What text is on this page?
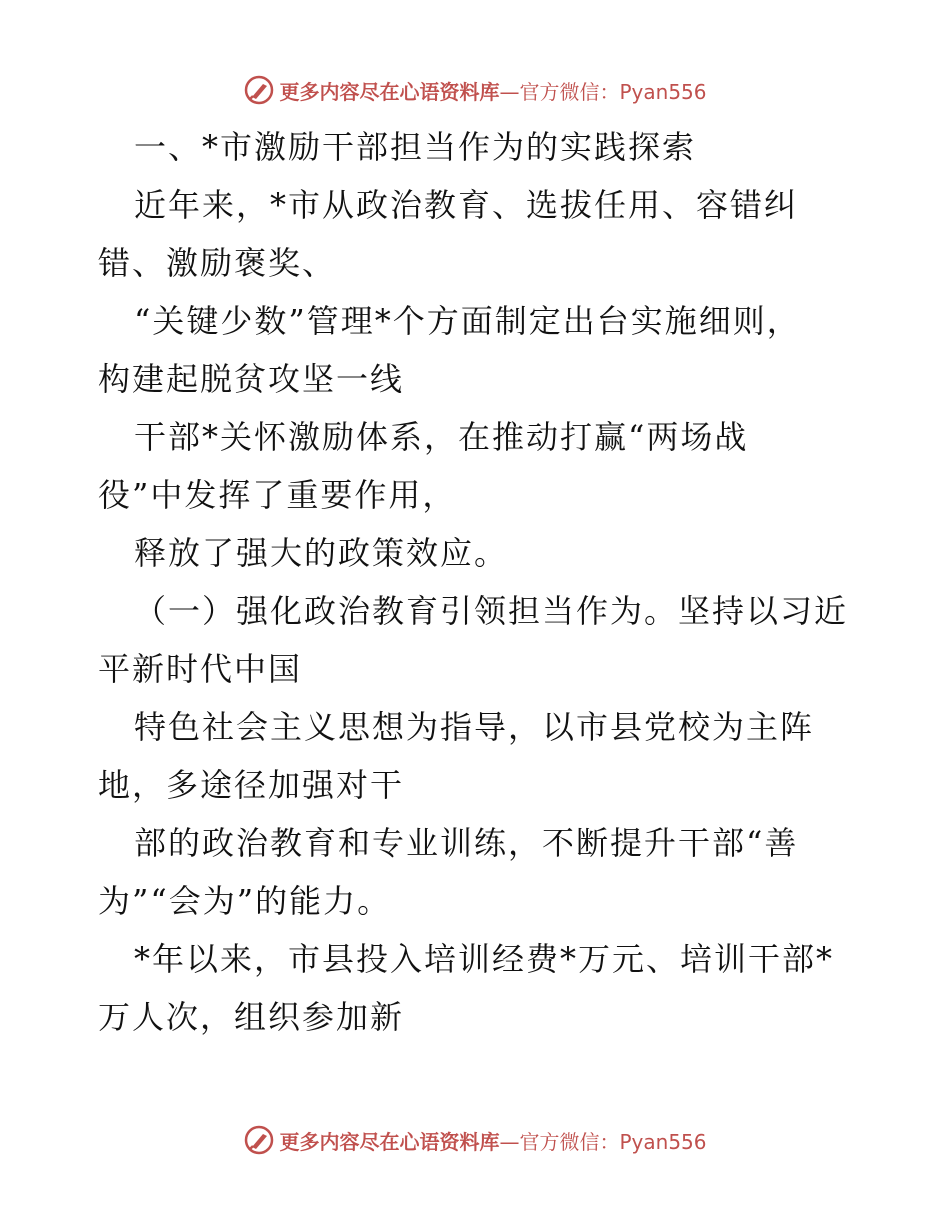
更多内容尽在心语资料库—官方微信：Pyan556
一、*市激励干部担当作为的实践探索
近年来，*市从政治教育、选拔任用、容错纠
错、激励褒奖、
“关键少数”管理*个方面制定出台实施细则，
构建起脱贫攻坚一线
干部*关怀激励体系，在推动打赢“两场战
役”中发挥了重要作用，
释放了强大的政策效应。
（一）强化政治教育引领担当作为。坚持以习近
平新时代中国
特色社会主义思想为指导，以市县党校为主阵
地，多途径加强对干
部的政治教育和专业训练，不断提升干部“善
为”“会为”的能力。
*年以来，市县投入培训经费*万元、培训干部*
万人次，组织参加新
更多内容尽在心语资料库—官方微信：Pyan556
